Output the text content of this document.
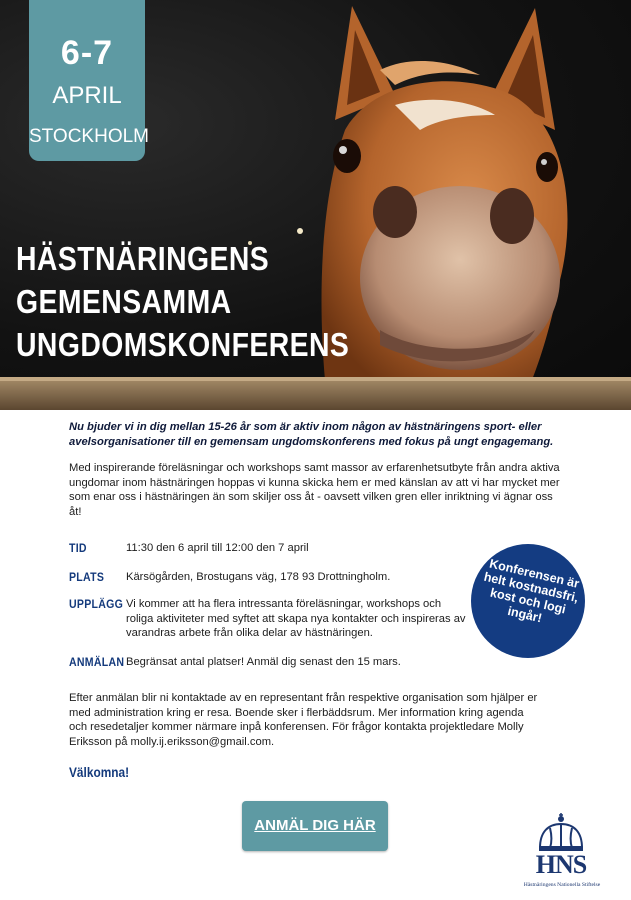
6-7
APRIL
STOCKHOLM
HÄSTNÄRINGENS
GEMENSAMMA
UNGDOMSKONFERENS
Nu bjuder vi in dig mellan 15-26 år som är aktiv inom någon av hästnäringens sport- eller avelsorganisationer till en gemensam ungdomskonferens med fokus på ungt engagemang.
Med inspirerande föreläsningar och workshops samt massor av erfarenhetsutbyte från andra aktiva ungdomar inom hästnäringen hoppas vi kunna skicka hem er med känslan av att vi har mycket mer som enar oss i hästnäringen än som skiljer oss åt - oavsett vilken gren eller inriktning vi ägnar oss åt!
TID	11:30 den 6 april till 12:00 den 7 april
PLATS Kärsögården, Brostugans väg, 178 93 Drottningholm.
UPPLÄGG Vi kommer att ha flera intressanta föreläsningar, workshops och roliga aktiviteter med syftet att skapa nya kontakter och inspireras av varandras arbete från olika delar av hästnäringen.
ANMÄLAN Begränsat antal platser! Anmäl dig senast den 15 mars.
Konferensen är helt kostnadsfri, kost och logi ingår!
Efter anmälan blir ni kontaktade av en representant från respektive organisation som hjälper er med administration kring er resa. Boende sker i flerbäddsrum. Mer information kring agenda och resedetaljer kommer närmare inpå konferensen. För frågor kontakta projektledare Molly Eriksson på molly.ij.eriksson@gmail.com.
Välkomna!
ANMÄL DIG HÄR
HNS
Hästnäringens Nationella Stiftelse
